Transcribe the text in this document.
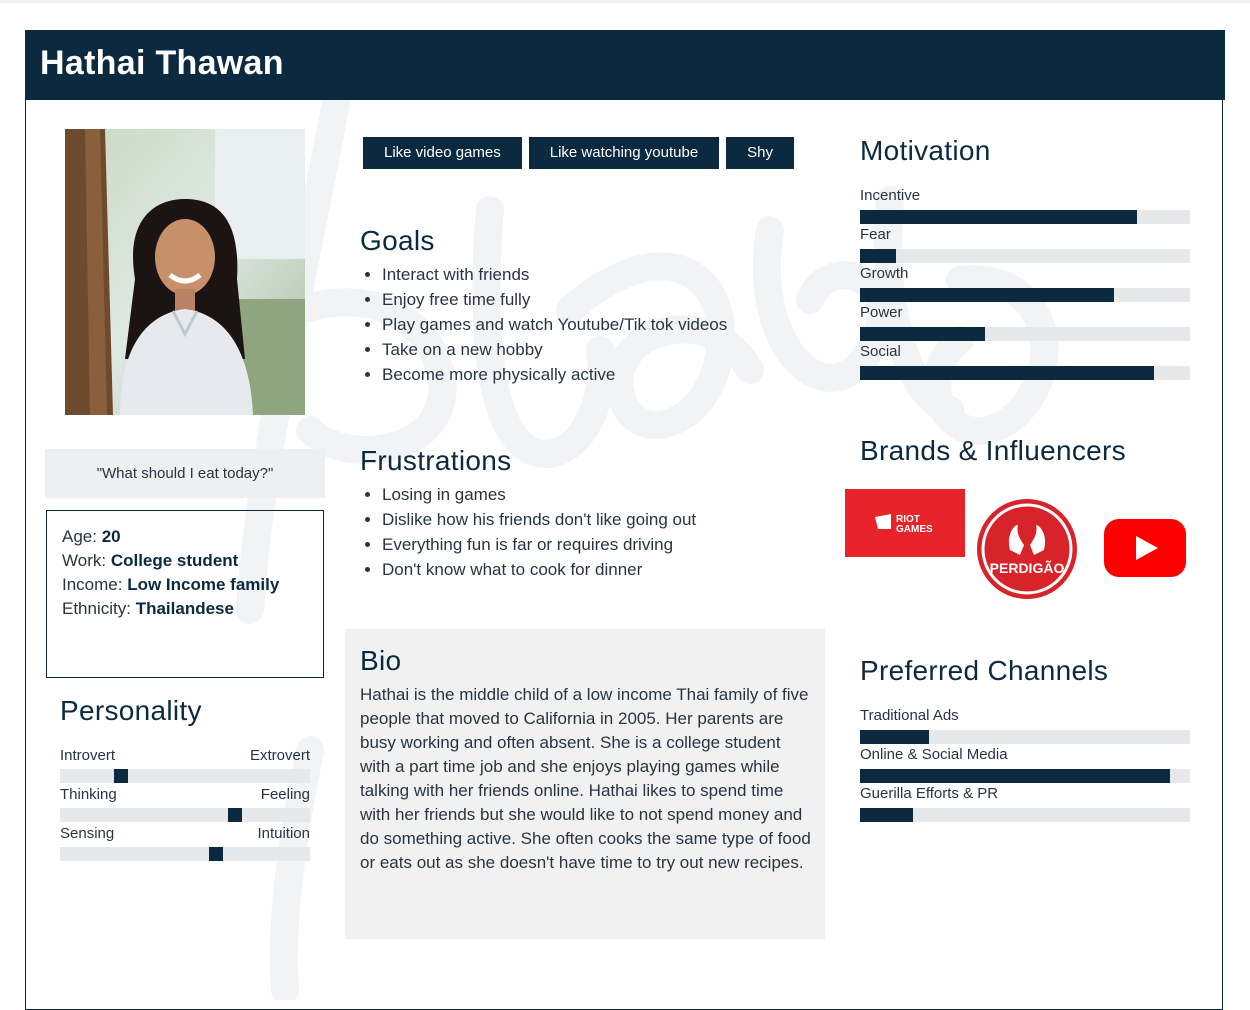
Hathai Thawan
"What should I eat today?"
Age: 20
Work: College student
Income: Low Income family
Ethnicity: Thailandese
Personality
Introvert	Extrovert
Thinking	Feeling
Sensing	Intuition
Like video games	Like watching youtube	Shy
Goals
• Interact with friends
• Enjoy free time fully
• Play games and watch Youtube/Tik tok videos
• Take on a new hobby
• Become more physically active
Frustrations
• Losing in games
• Dislike how his friends don't like going out
• Everything fun is far or requires driving
• Don't know what to cook for dinner
Bio
Hathai is the middle child of a low income Thai family of five people that moved to California in 2005. Her parents are busy working and often absent. She is a college student with a part time job and she enjoys playing games while talking with her friends online. Hathai likes to spend time with her friends but she would like to not spend money and do something active. She often cooks the same type of food or eats out as she doesn't have time to try out new recipes.
Motivation
Incentive
Fear
Growth
Power
Social
Brands & Influencers
RIOT
GAMES
PERDIGÃO
Preferred Channels
Traditional Ads
Online & Social Media
Guerilla Efforts & PR
